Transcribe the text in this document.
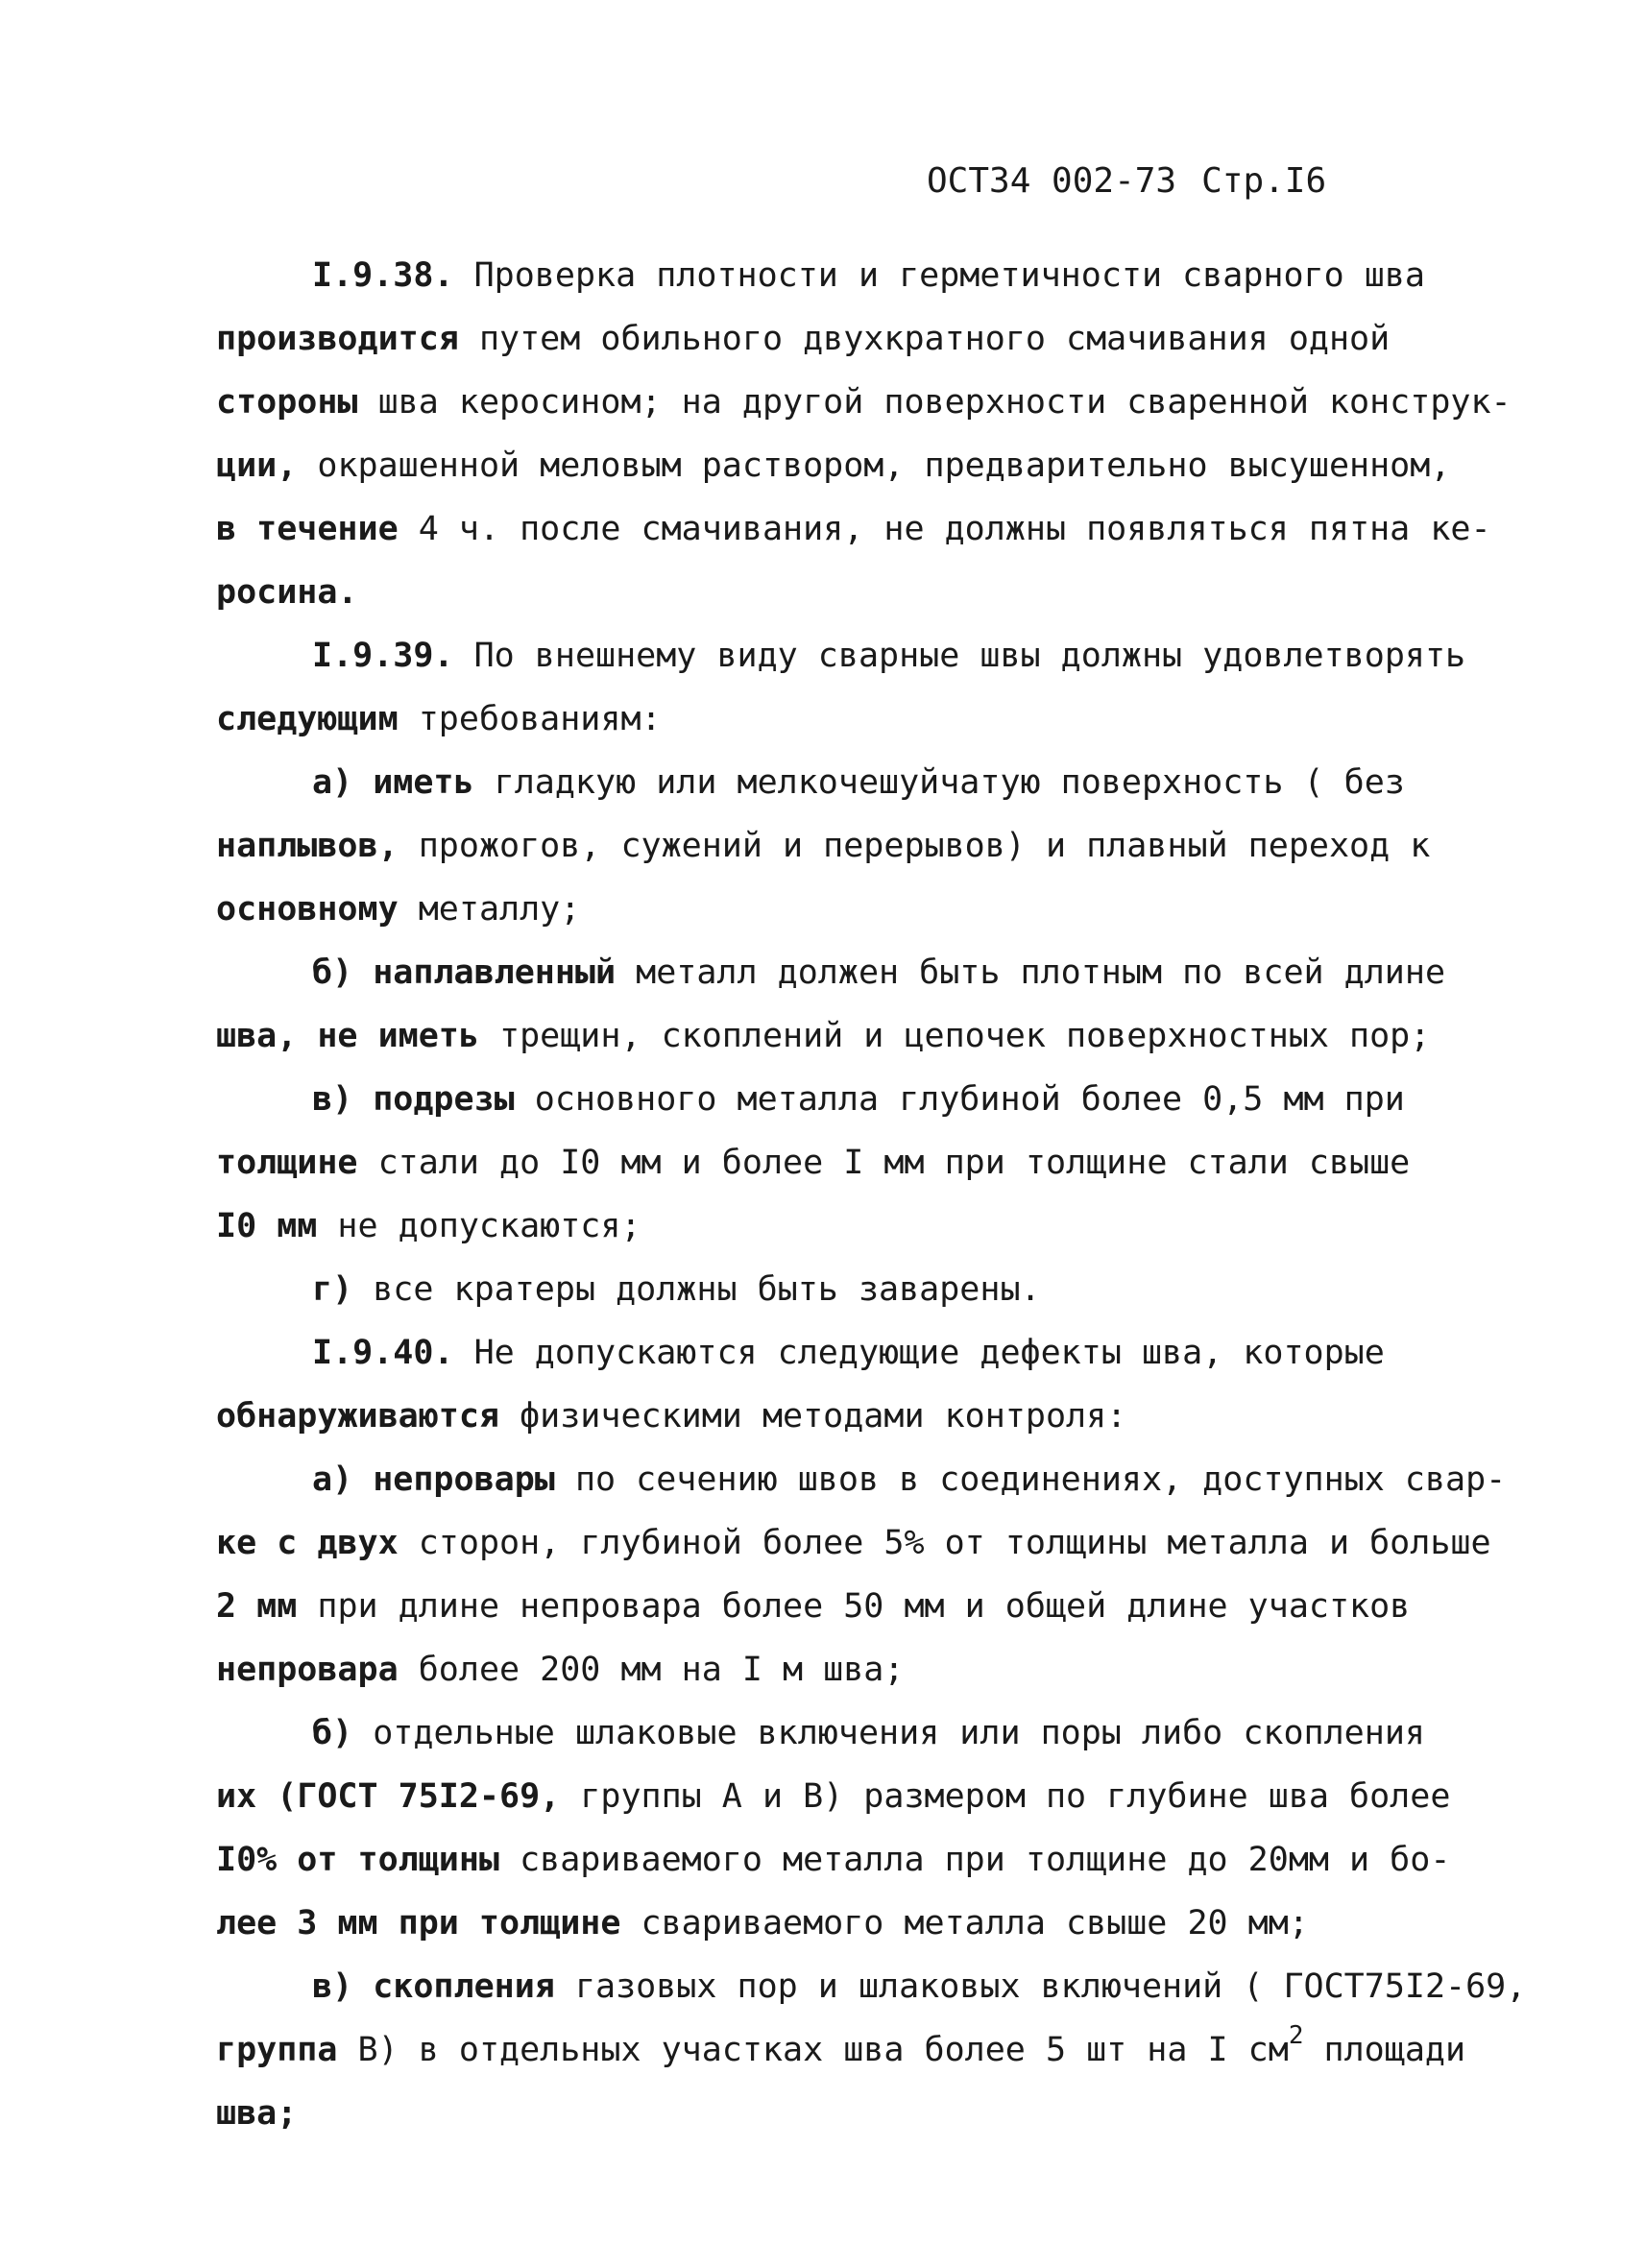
ОСТ34 002-73 Стр.I6
I.9.38. Проверка плотности и герметичности сварного шва
производится путем обильного двухкратного смачивания одной
стороны шва керосином; на другой поверхности сваренной конструк-
ции, окрашенной меловым раствором, предварительно высушенном,
в течение 4 ч. после смачивания, не должны появляться пятна ке-
росина.
I.9.39. По внешнему виду сварные швы должны удовлетворять
следующим требованиям:
а) иметь гладкую или мелкочешуйчатую поверхность ( без
наплывов, прожогов, сужений и перерывов) и плавный переход к
основному металлу;
б) наплавленный металл должен быть плотным по всей длине
шва, не иметь трещин, скоплений и цепочек поверхностных пор;
в) подрезы основного металла глубиной более 0,5 мм при
толщине стали до I0 мм и более I мм при толщине стали свыше
I0 мм не допускаются;
г) все кратеры должны быть заварены.
I.9.40. Не допускаются следующие дефекты шва, которые
обнаруживаются физическими методами контроля:
а) непровары по сечению швов в соединениях, доступных свар-
ке с двух сторон, глубиной более 5% от толщины металла и больше
2 мм при длине непровара более 50 мм и общей длине участков
непровара более 200 мм на I м шва;
б) отдельные шлаковые включения или поры либо скопления
их (ГОСТ 75I2-69, группы А и В) размером по глубине шва более
I0% от толщины свариваемого металла при толщине до 20мм и бо-
лее 3 мм при толщине свариваемого металла свыше 20 мм;
в) скопления газовых пор и шлаковых включений ( ГОСТ75I2-69,
группа В) в отдельных участках шва более 5 шт на I $см^2$ площади
шва;
